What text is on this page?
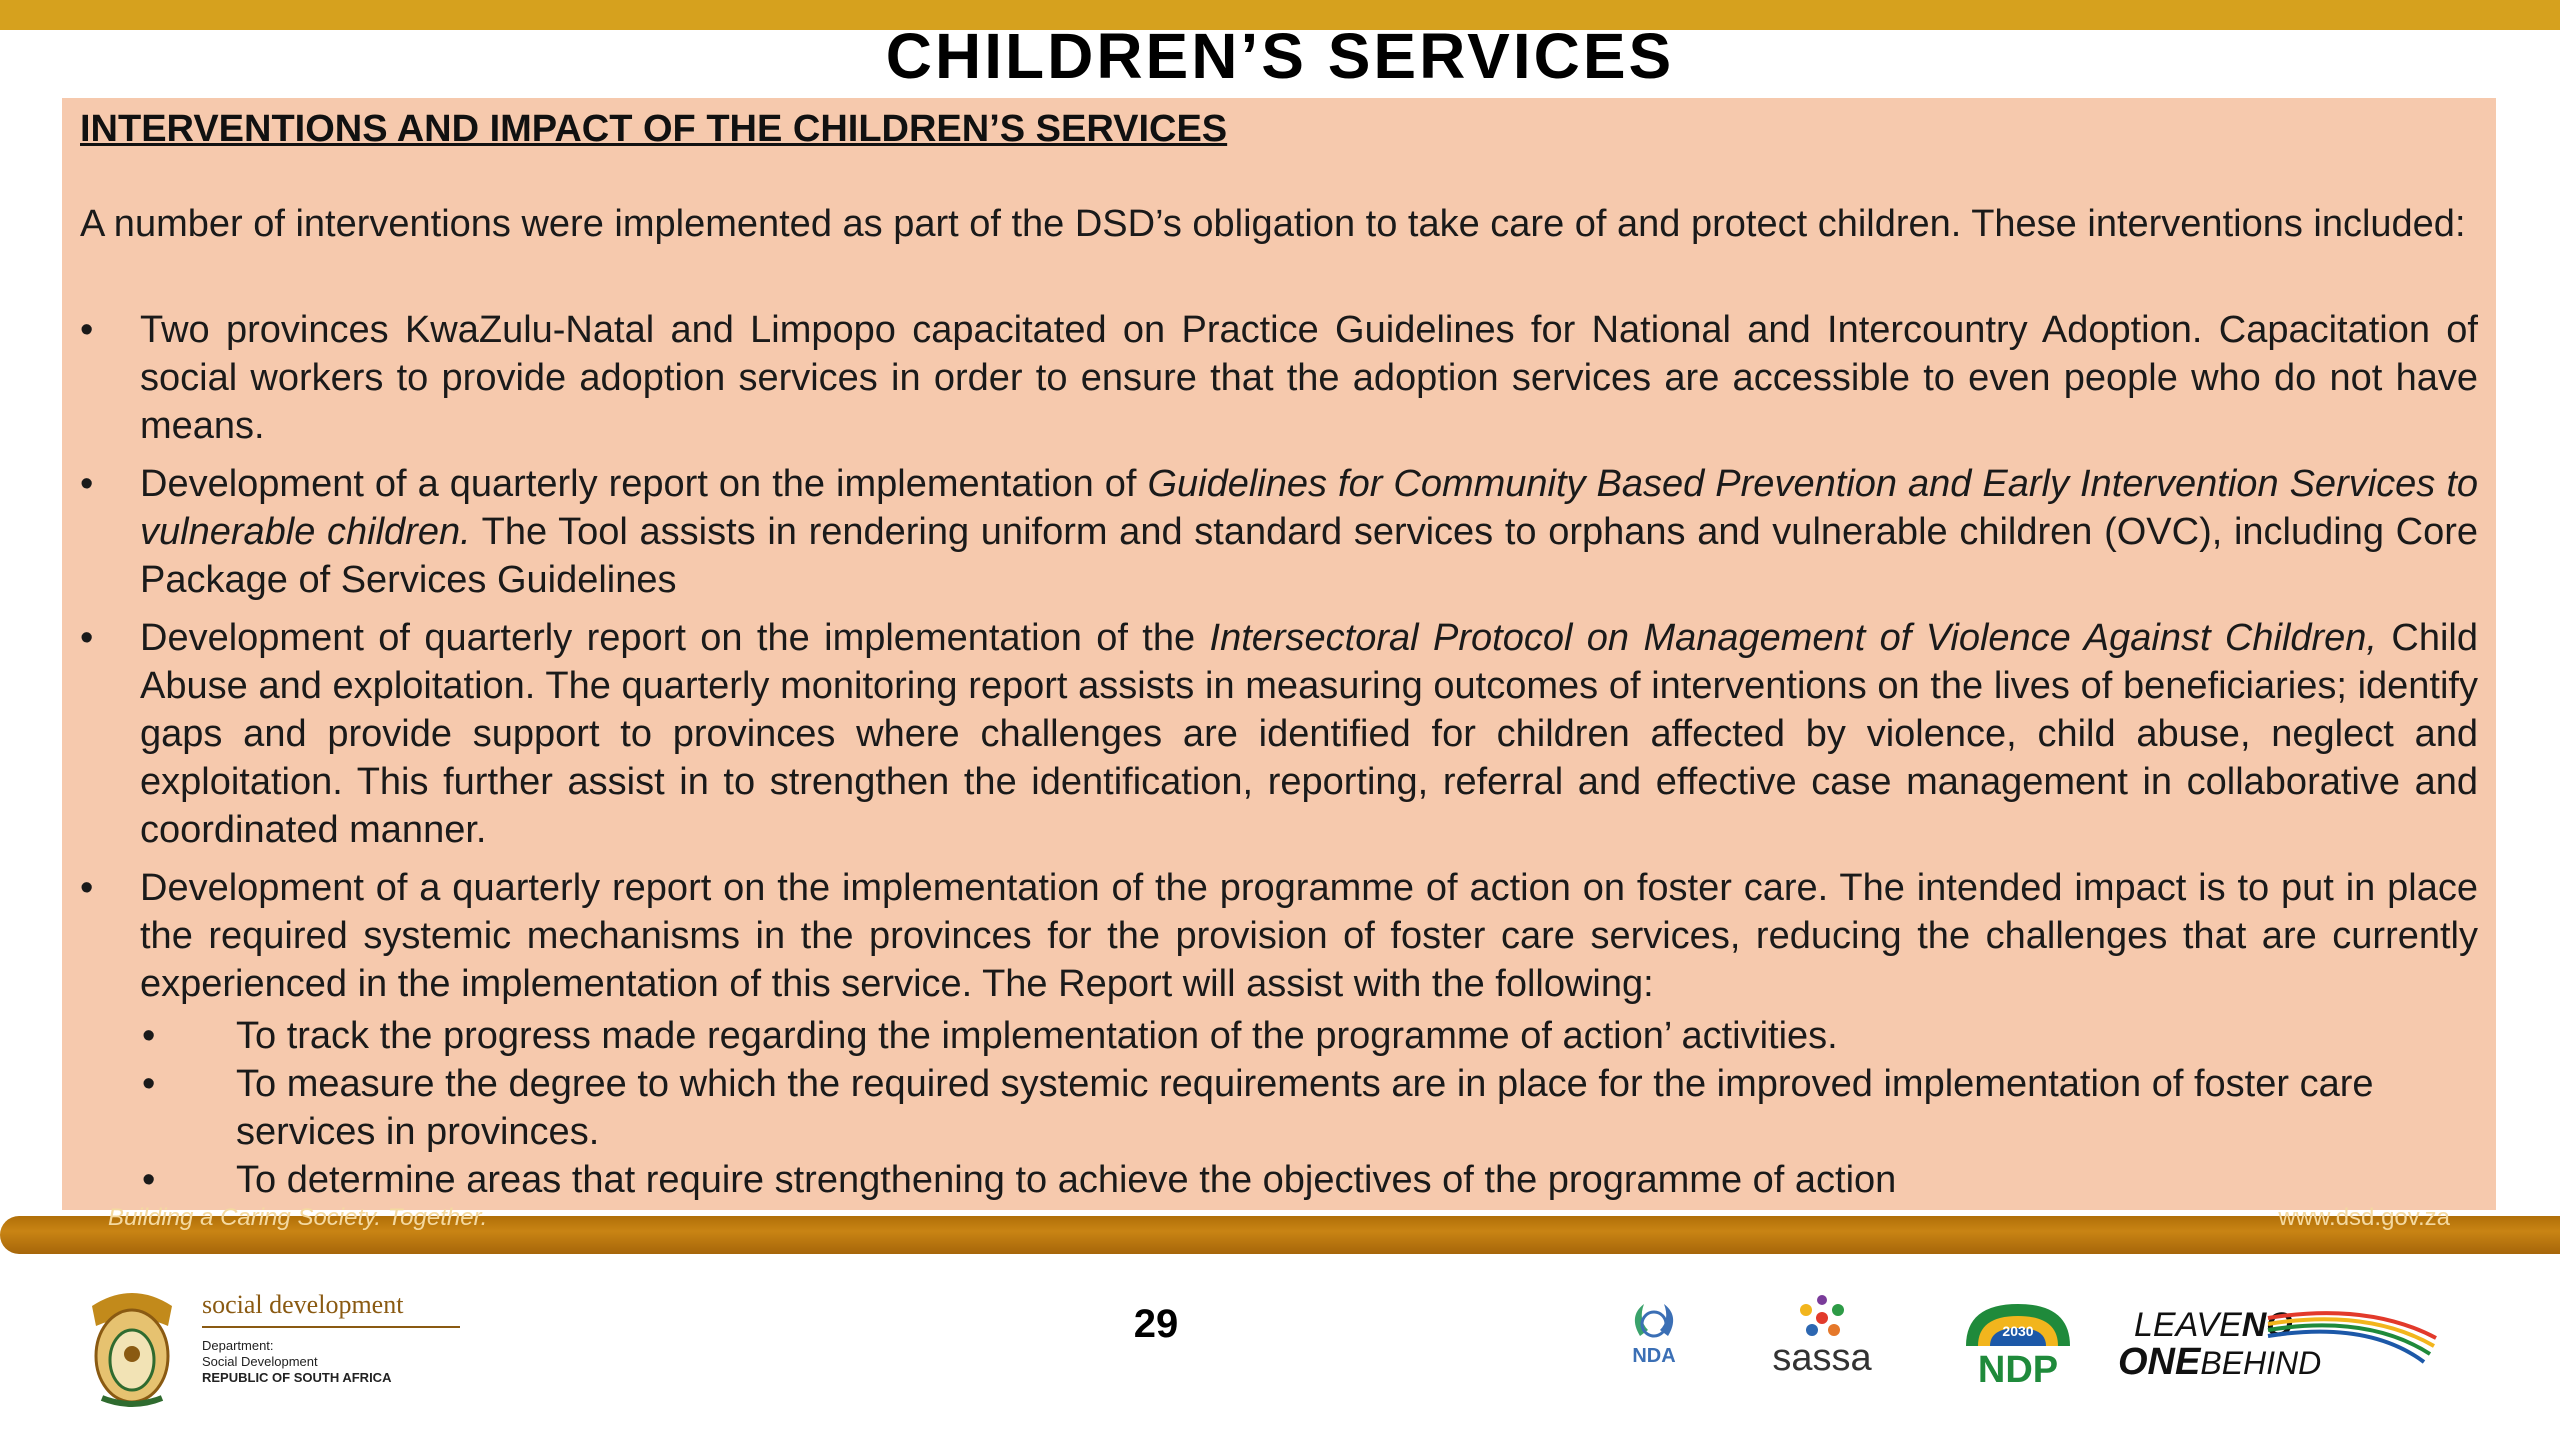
CHILDREN’S SERVICES
INTERVENTIONS AND IMPACT OF THE CHILDREN’S SERVICES
A number of interventions were implemented as part of the DSD’s obligation to take care of and protect children. These interventions included:
•	Two provinces KwaZulu-Natal and Limpopo capacitated on Practice Guidelines for National and Intercountry Adoption. Capacitation of social workers to provide adoption services in order to ensure that the adoption services are accessible to even people who do not have means.
•	Development of a quarterly report on the implementation of Guidelines for Community Based Prevention and Early Intervention Services to vulnerable children. The Tool assists in rendering uniform and standard services to orphans and vulnerable children (OVC), including Core Package of Services Guidelines
•	Development of quarterly report on the implementation of the Intersectoral Protocol on Management of Violence Against Children, Child Abuse and exploitation. The quarterly monitoring report assists in measuring outcomes of interventions on the lives of beneficiaries; identify gaps and provide support to provinces where challenges are identified for children affected by violence, child abuse, neglect and exploitation. This further assist in to strengthen the identification, reporting, referral and effective case management in collaborative and coordinated manner.
•	Development of a quarterly report on the implementation of the programme of action on foster care. The intended impact is to put in place the required systemic mechanisms in the provinces for the provision of foster care services, reducing the challenges that are currently experienced in the implementation of this service. The Report will assist with the following:
•	To track the progress made regarding the implementation of the programme of action’ activities.
•	To measure the degree to which the required systemic requirements are in place for the improved implementation of foster care services in provinces.
•	To determine areas that require strengthening to achieve the objectives of the programme of action
Building a Caring Society. Together.	www.dsd.gov.za
29
social development
Department:
Social Development
REPUBLIC OF SOUTH AFRICA
NDA	sassa
2030
NDP
LEAVENO
ONEBEHIND
